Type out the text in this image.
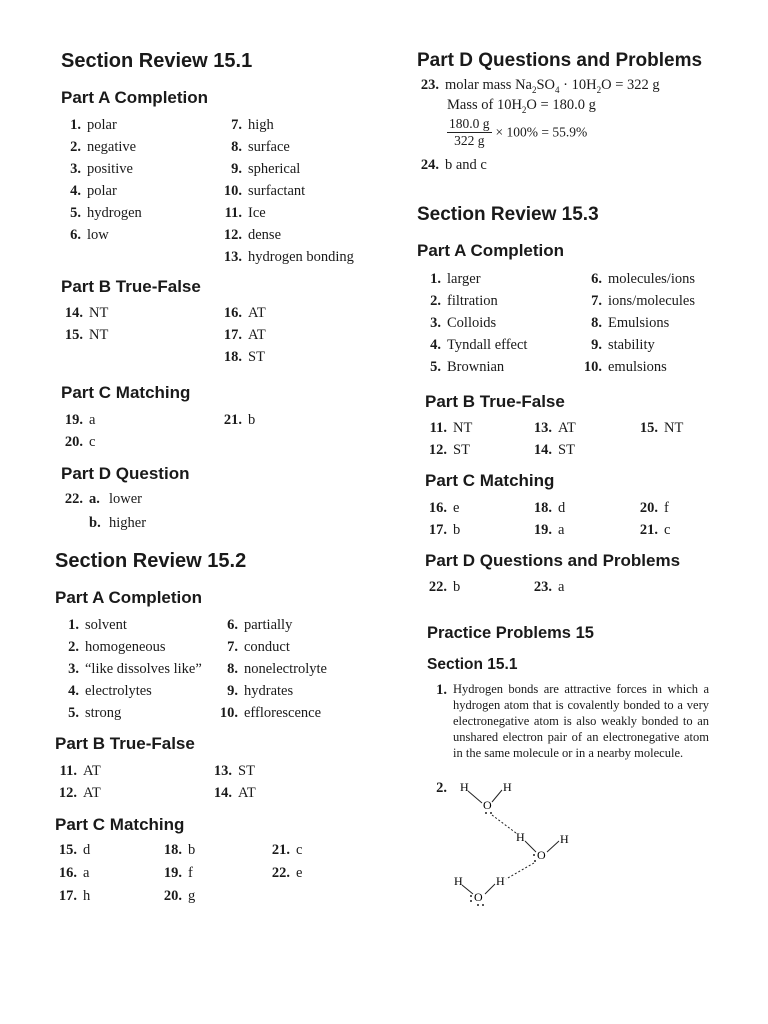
Section Review 15.1
Part A Completion
1. polar
2. negative
3. positive
4. polar
5. hydrogen
6. low
7. high
8. surface
9. spherical
10. surfactant
11. Ice
12. dense
13. hydrogen bonding
Part B True-False
14. NT
15. NT
16. AT
17. AT
18. ST
Part C Matching
19. a
20. c
21. b
Part D Question
22. a. lower
b. higher
Section Review 15.2
Part A Completion
1. solvent
2. homogeneous
3. “like dissolves like”
4. electrolytes
5. strong
6. partially
7. conduct
8. nonelectrolyte
9. hydrates
10. efflorescence
Part B True-False
11. AT
12. AT
13. ST
14. AT
Part C Matching
15. d
16. a
17. h
18. b
19. f
20. g
21. c
22. e
Part D Questions and Problems
23. molar mass $Na_2SO_4 \cdot 10H_2O = 322$ g
Mass of $10H_2O = 180.0$ g
$\frac{180.0 g}{322 g} \times 100\% = 55.9\%$
24. b and c
Section Review 15.3
Part A Completion
1. larger
2. filtration
3. Colloids
4. Tyndall effect
5. Brownian
6. molecules/ions
7. ions/molecules
8. Emulsions
9. stability
10. emulsions
Part B True-False
11. NT
12. ST
13. AT
14. ST
15. NT
Part C Matching
16. e
17. b
18. d
19. a
20. f
21. c
Part D Questions and Problems
22. b	23. a
Practice Problems 15
Section 15.1
1. Hydrogen bonds are attractive forces in which a hydrogen atom that is covalently bonded to a very electronegative atom is also weakly bonded to an unshared electron pair of an electronegative atom in the same molecule or in a nearby molecule.
2.	H	H
O
H	H
O
H	H
O
